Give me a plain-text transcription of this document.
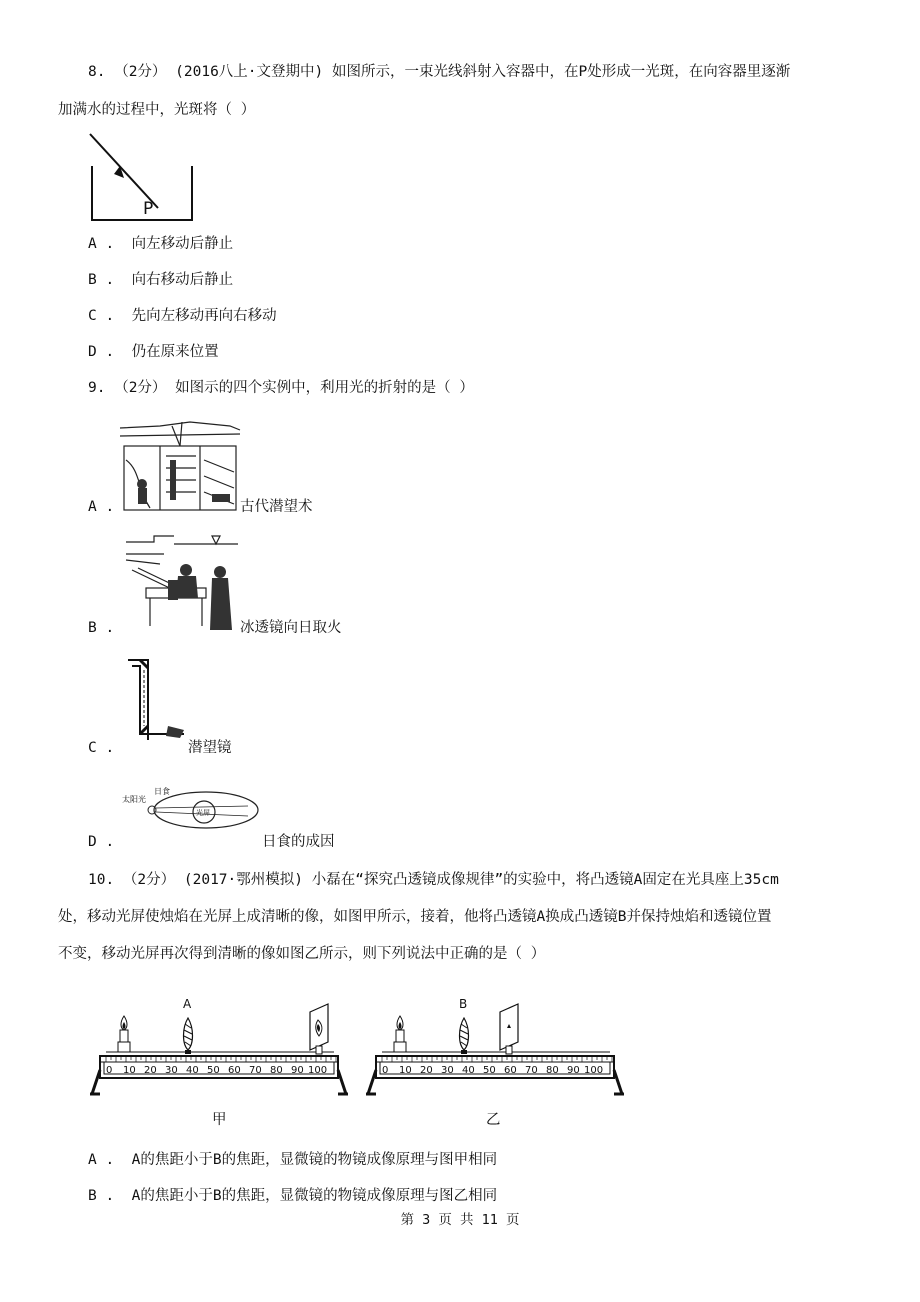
8. （2分） (2016八上·文登期中) 如图所示，一束光线斜射入容器中，在P处形成一光斑，在向容器里逐渐
加满水的过程中，光斑将（ ）
P
A . 向左移动后静止
B . 向右移动后静止
C . 先向左移动再向右移动
D . 仍在原来位置
9. （2分） 如图示的四个实例中，利用光的折射的是（ ）
A .	古代潜望术
B .	冰透镜向日取火
C .	潜望镜
太阳光
日食
光屏
D .	日食的成因
10. （2分） (2017·鄂州模拟) 小磊在“探究凸透镜成像规律”的实验中，将凸透镜A固定在光具座上35cm
处，移动光屏使烛焰在光屏上成清晰的像，如图甲所示，接着，他将凸透镜A换成凸透镜B并保持烛焰和透镜位置
不变，移动光屏再次得到清晰的像如图乙所示，则下列说法中正确的是（ ）
0 10 20 30 40 50 60 70 80 90 100
A
甲
0 10 20 30 40 50 60 70 80 90 100
B
乙
A . A的焦距小于B的焦距，显微镜的物镜成像原理与图甲相同
B . A的焦距小于B的焦距，显微镜的物镜成像原理与图乙相同
第 3 页 共 11 页
